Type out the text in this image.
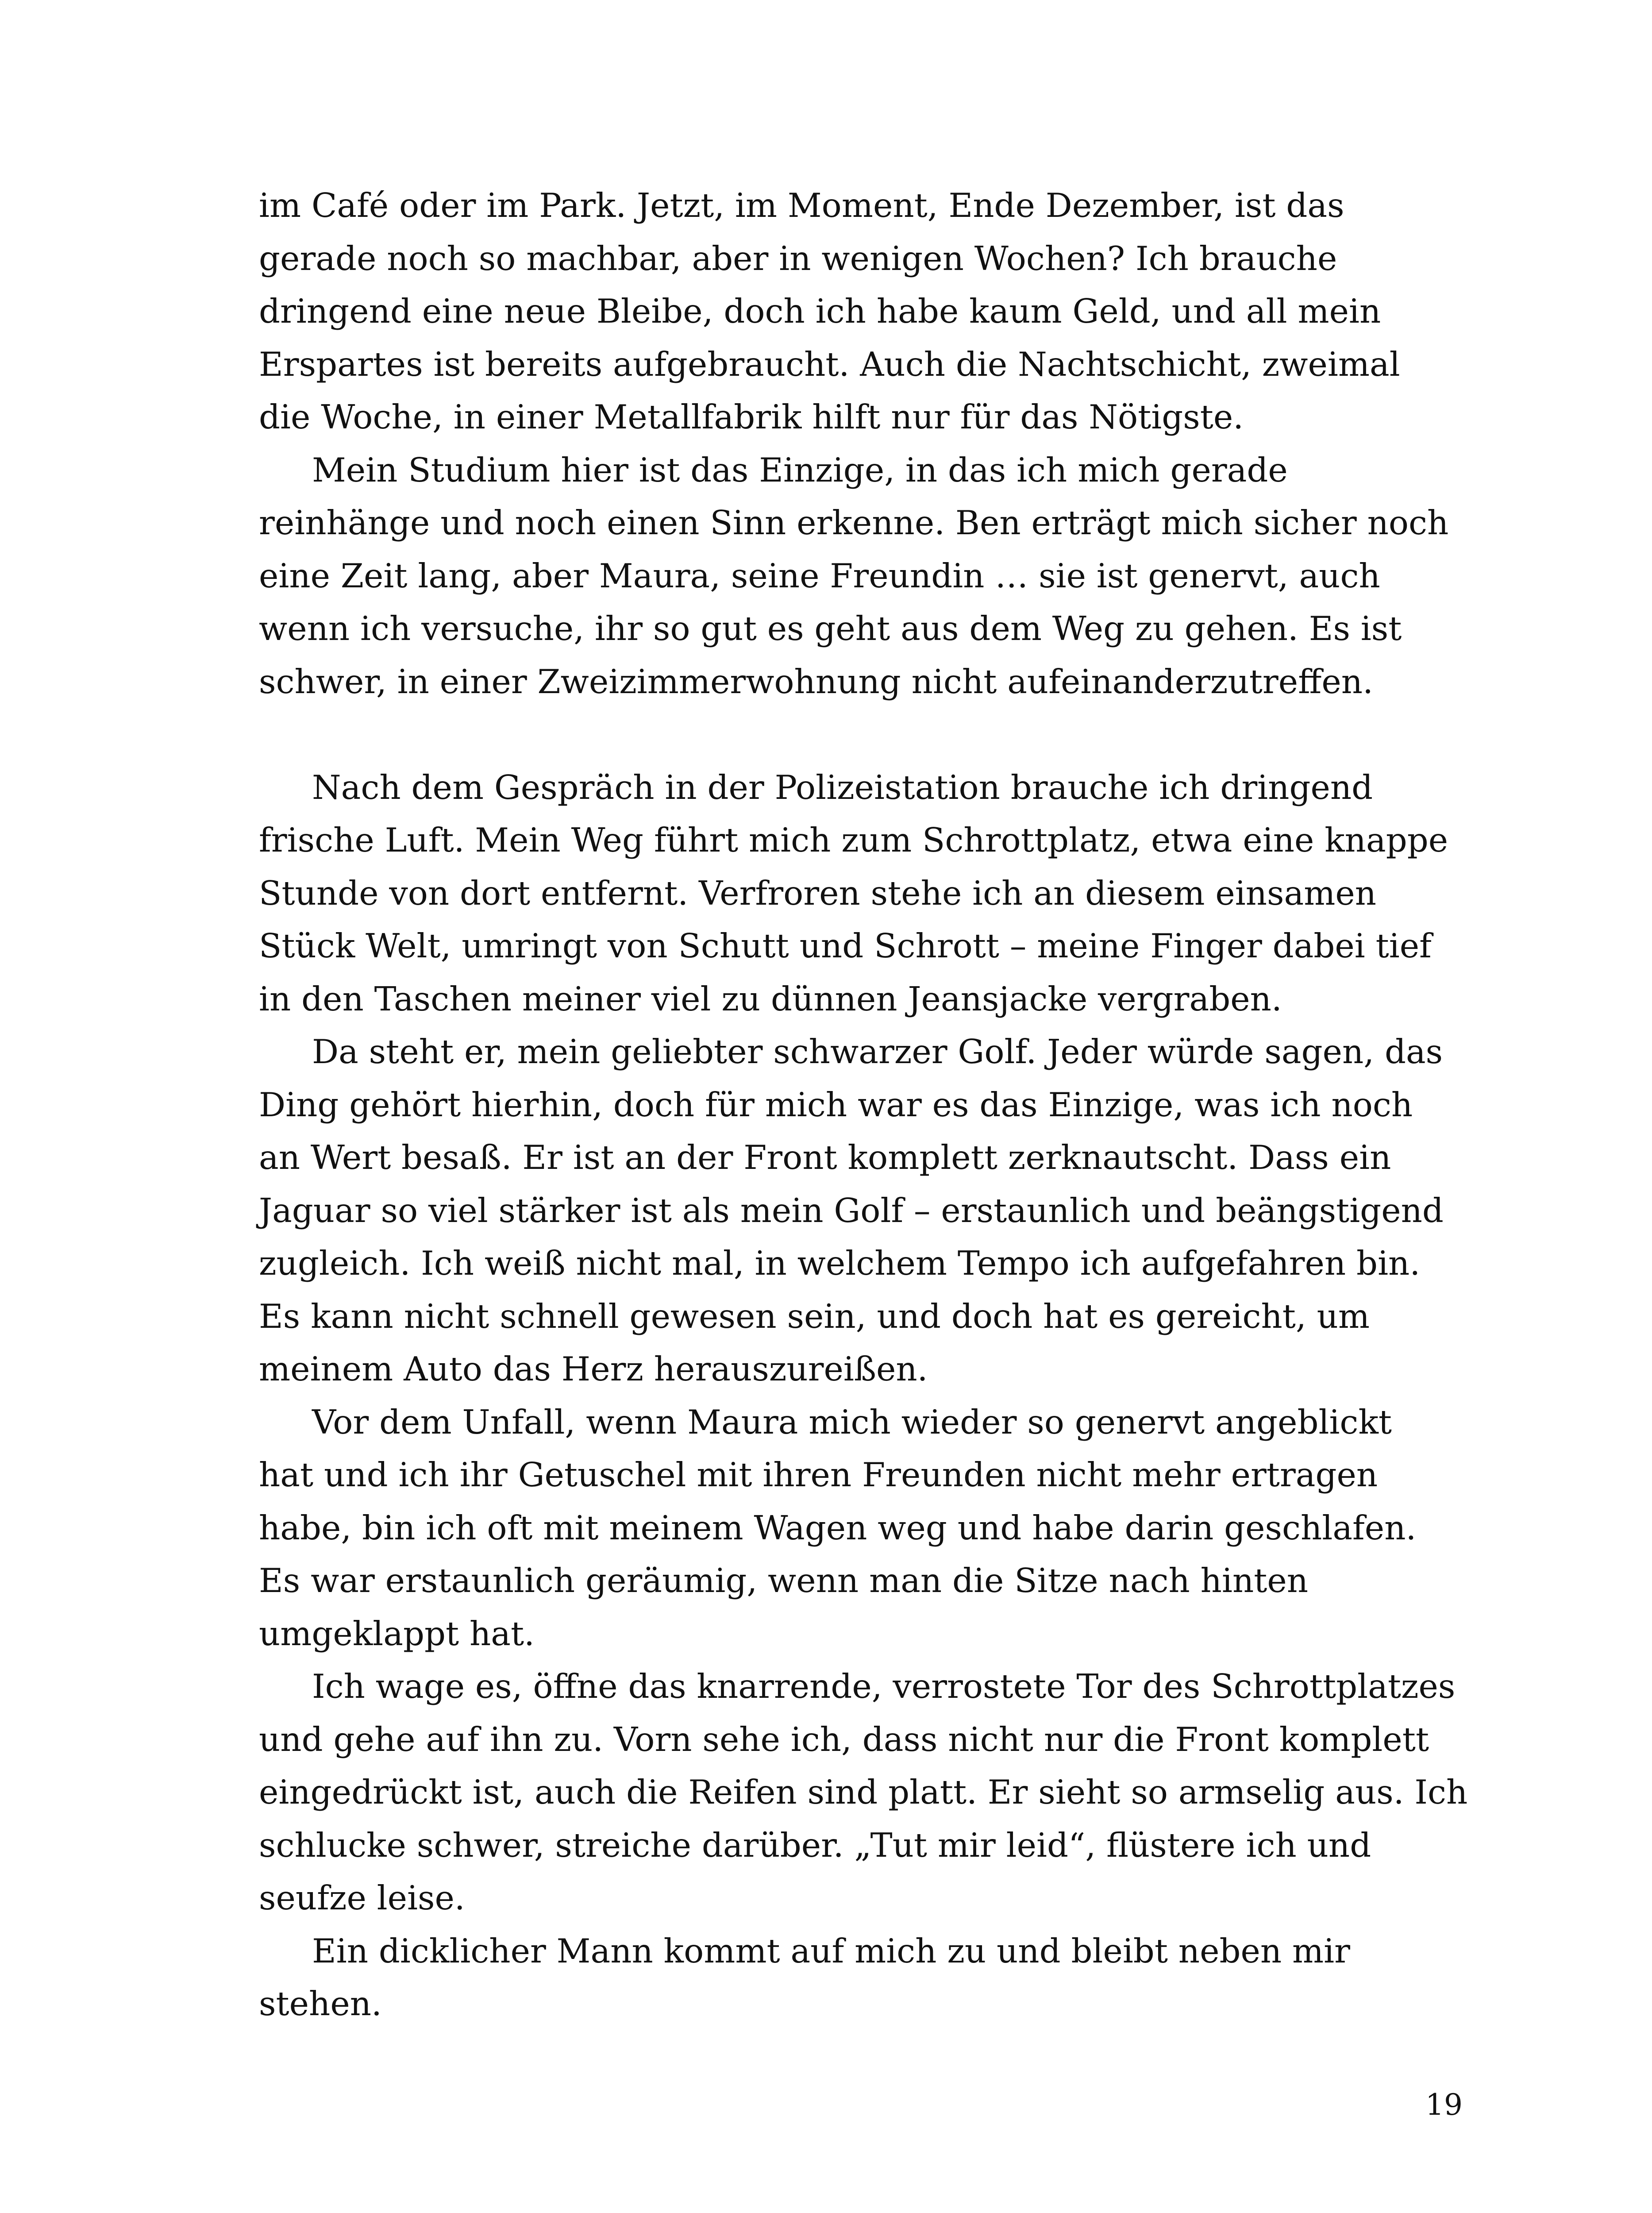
im Café oder im Park. Jetzt, im Moment, Ende Dezember, ist das
gerade noch so machbar, aber in wenigen Wochen? Ich brauche
dringend eine neue Bleibe, doch ich habe kaum Geld, und all mein
Erspartes ist bereits aufgebraucht. Auch die Nachtschicht, zweimal
die Woche, in einer Metallfabrik hilft nur für das Nötigste.
Mein Studium hier ist das Einzige, in das ich mich gerade
reinhänge und noch einen Sinn erkenne. Ben erträgt mich sicher noch
eine Zeit lang, aber Maura, seine Freundin … sie ist genervt, auch
wenn ich versuche, ihr so gut es geht aus dem Weg zu gehen. Es ist
schwer, in einer Zweizimmerwohnung nicht aufeinanderzutreffen.
Nach dem Gespräch in der Polizeistation brauche ich dringend
frische Luft. Mein Weg führt mich zum Schrottplatz, etwa eine knappe
Stunde von dort entfernt. Verfroren stehe ich an diesem einsamen
Stück Welt, umringt von Schutt und Schrott – meine Finger dabei tief
in den Taschen meiner viel zu dünnen Jeansjacke vergraben.
Da steht er, mein geliebter schwarzer Golf. Jeder würde sagen, das
Ding gehört hierhin, doch für mich war es das Einzige, was ich noch
an Wert besaß. Er ist an der Front komplett zerknautscht. Dass ein
Jaguar so viel stärker ist als mein Golf – erstaunlich und beängstigend
zugleich. Ich weiß nicht mal, in welchem Tempo ich aufgefahren bin.
Es kann nicht schnell gewesen sein, und doch hat es gereicht, um
meinem Auto das Herz herauszureißen.
Vor dem Unfall, wenn Maura mich wieder so genervt angeblickt
hat und ich ihr Getuschel mit ihren Freunden nicht mehr ertragen
habe, bin ich oft mit meinem Wagen weg und habe darin geschlafen.
Es war erstaunlich geräumig, wenn man die Sitze nach hinten
umgeklappt hat.
Ich wage es, öffne das knarrende, verrostete Tor des Schrottplatzes
und gehe auf ihn zu. Vorn sehe ich, dass nicht nur die Front komplett
eingedrückt ist, auch die Reifen sind platt. Er sieht so armselig aus. Ich
schlucke schwer, streiche darüber. „Tut mir leid“, flüstere ich und
seufze leise.
Ein dicklicher Mann kommt auf mich zu und bleibt neben mir
stehen.
19
